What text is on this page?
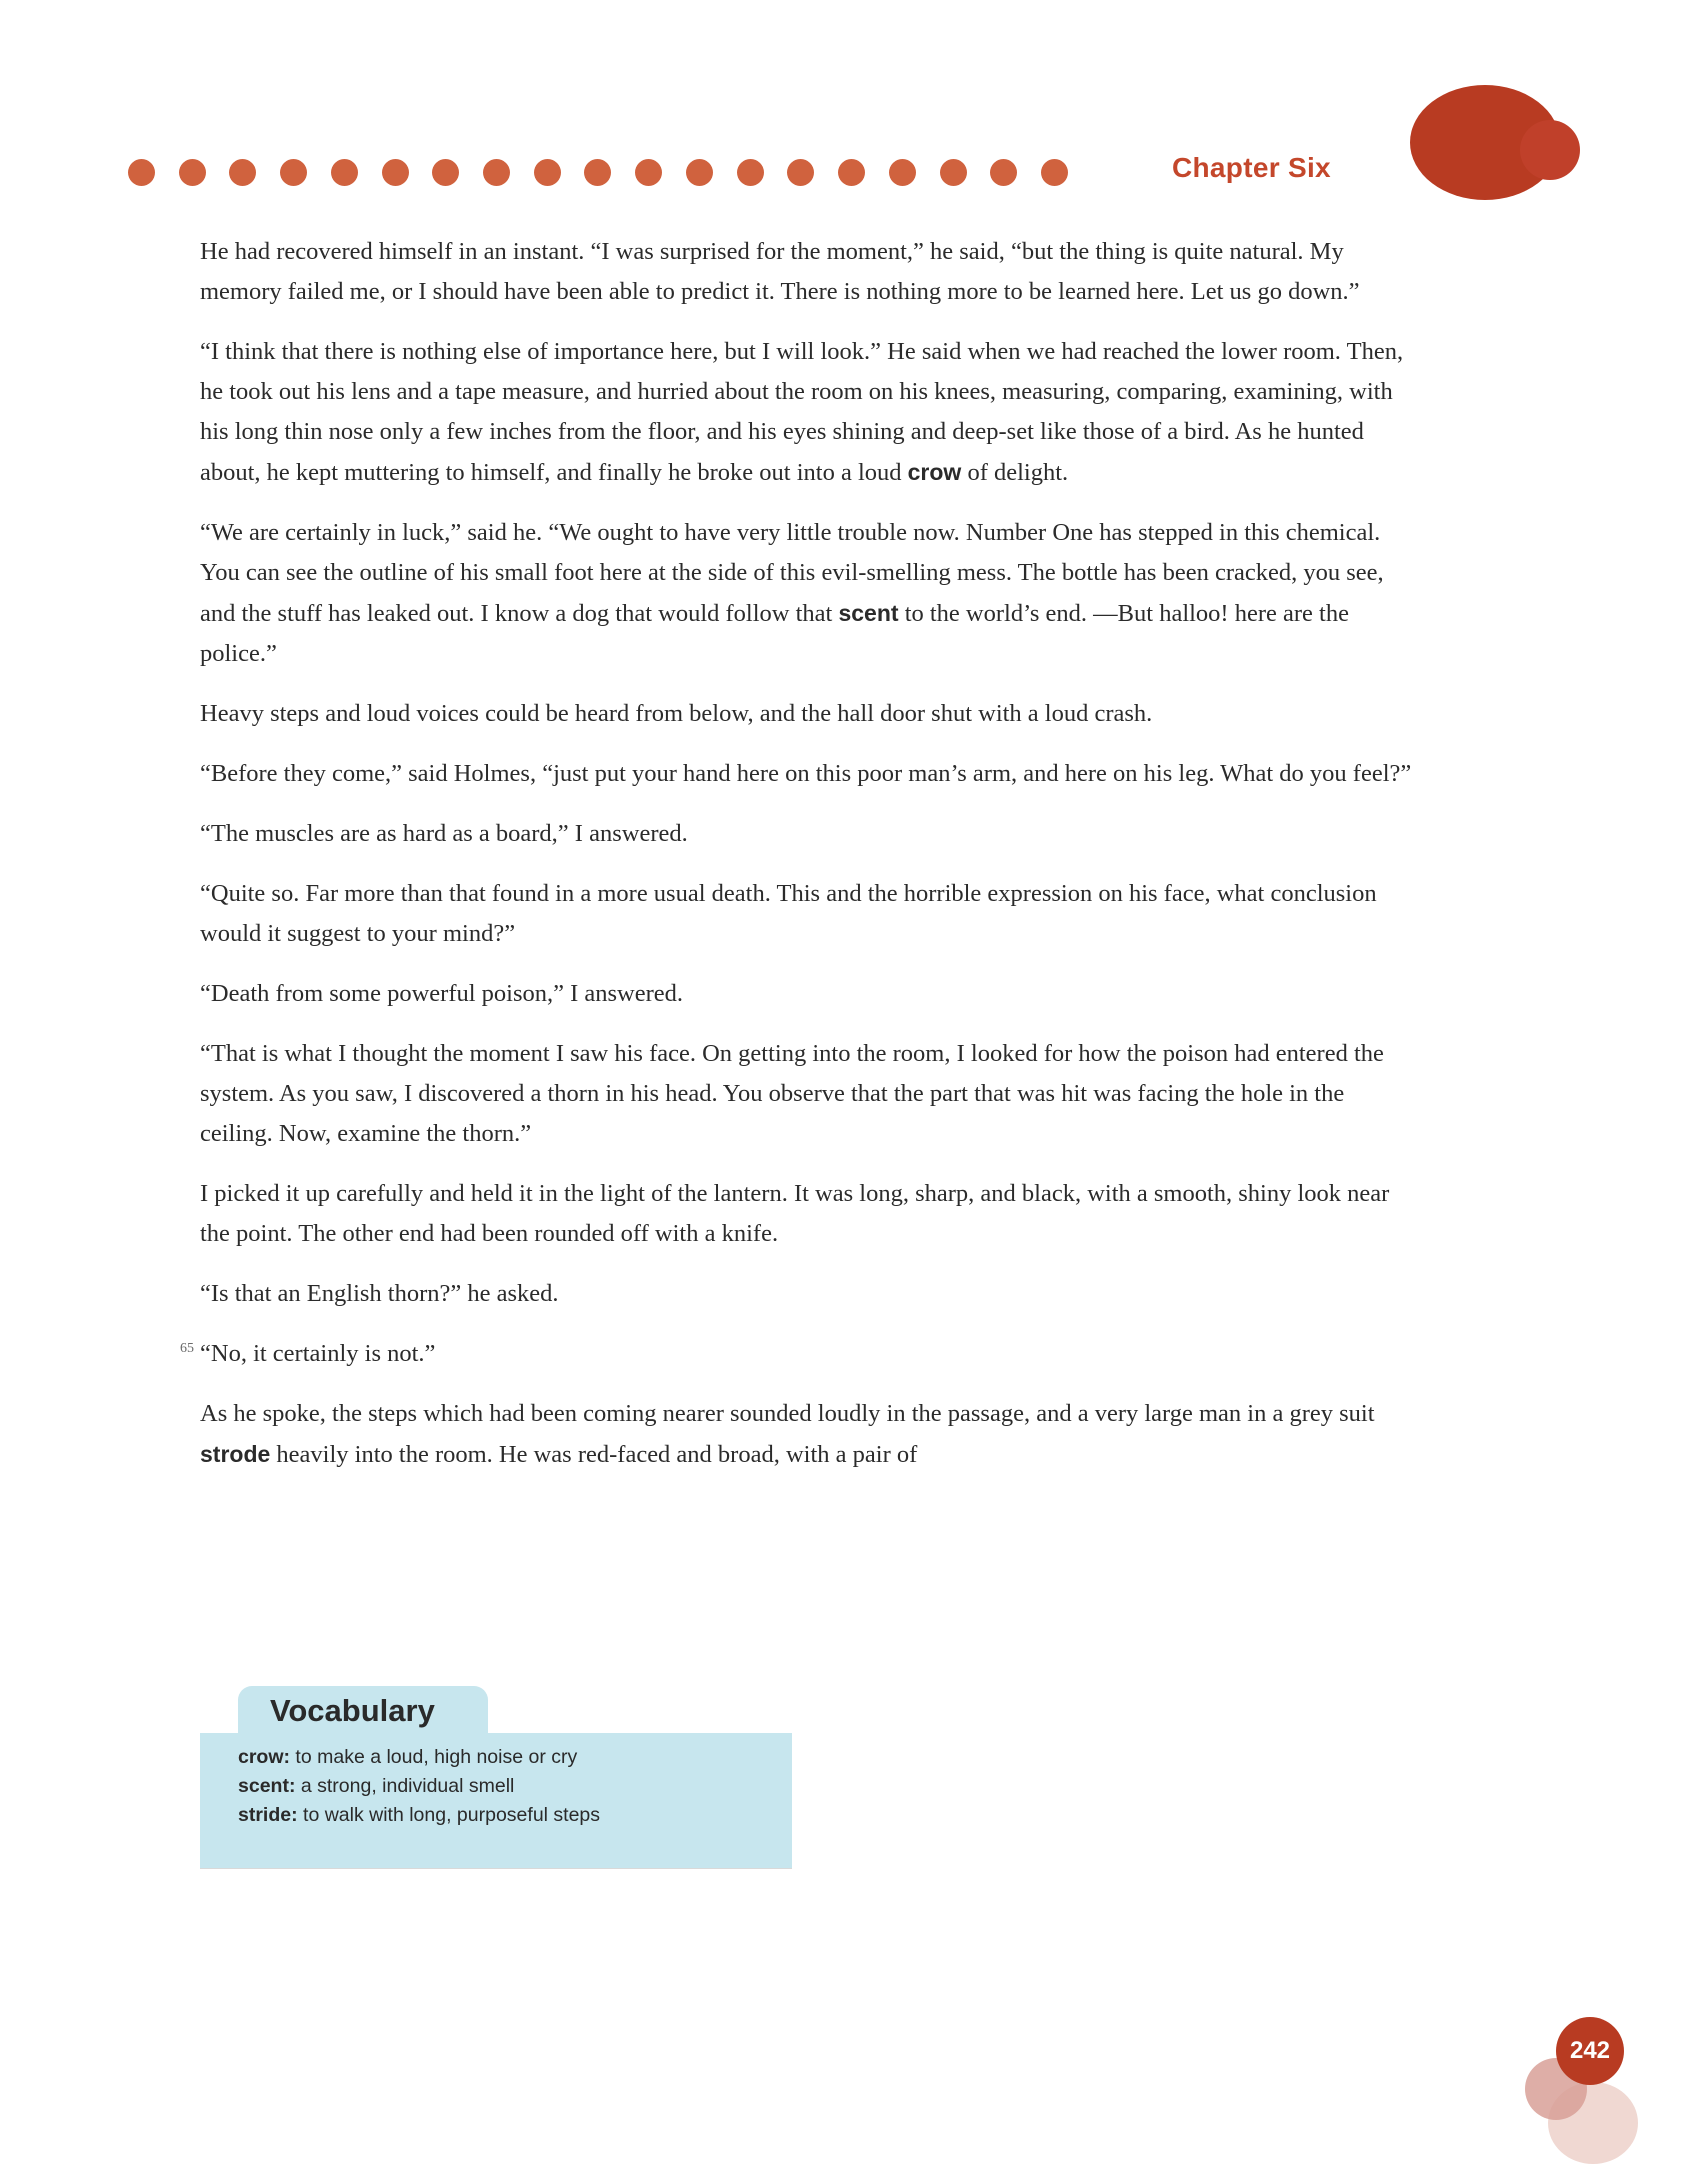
Chapter Six

He had recovered himself in an instant. “I was surprised for the moment,” he said, “but the thing is quite natural. My memory failed me, or I should have been able to predict it. There is nothing more to be learned here. Let us go down.”

“I think that there is nothing else of importance here, but I will look.” He said when we had reached the lower room. Then, he took out his lens and a tape measure, and hurried about the room on his knees, measuring, comparing, examining, with his long thin nose only a few inches from the floor, and his eyes shining and deep-set like those of a bird. As he hunted about, he kept muttering to himself, and finally he broke out into a loud crow of delight.

“We are certainly in luck,” said he. “We ought to have very little trouble now. Number One has stepped in this chemical. You can see the outline of his small foot here at the side of this evil-smelling mess. The bottle has been cracked, you see, and the stuff has leaked out. I know a dog that would follow that scent to the world’s end. —But halloo! here are the police.”

Heavy steps and loud voices could be heard from below, and the hall door shut with a loud crash.

“Before they come,” said Holmes, “just put your hand here on this poor man’s arm, and here on his leg. What do you feel?”

“The muscles are as hard as a board,” I answered.

“Quite so. Far more than that found in a more usual death. This and the horrible expression on his face, what conclusion would it suggest to your mind?”

“Death from some powerful poison,” I answered.

“That is what I thought the moment I saw his face. On getting into the room, I looked for how the poison had entered the system. As you saw, I discovered a thorn in his head. You observe that the part that was hit was facing the hole in the ceiling. Now, examine the thorn.”

I picked it up carefully and held it in the light of the lantern. It was long, sharp, and black, with a smooth, shiny look near the point. The other end had been rounded off with a knife.

“Is that an English thorn?” he asked.

“No, it certainly is not.”

As he spoke, the steps which had been coming nearer sounded loudly in the passage, and a very large man in a grey suit strode heavily into the room. He was red-faced and broad, with a pair of

65
Vocabulary
crow: to make a loud, high noise or cry
scent: a strong, individual smell
stride: to walk with long, purposeful steps
242
